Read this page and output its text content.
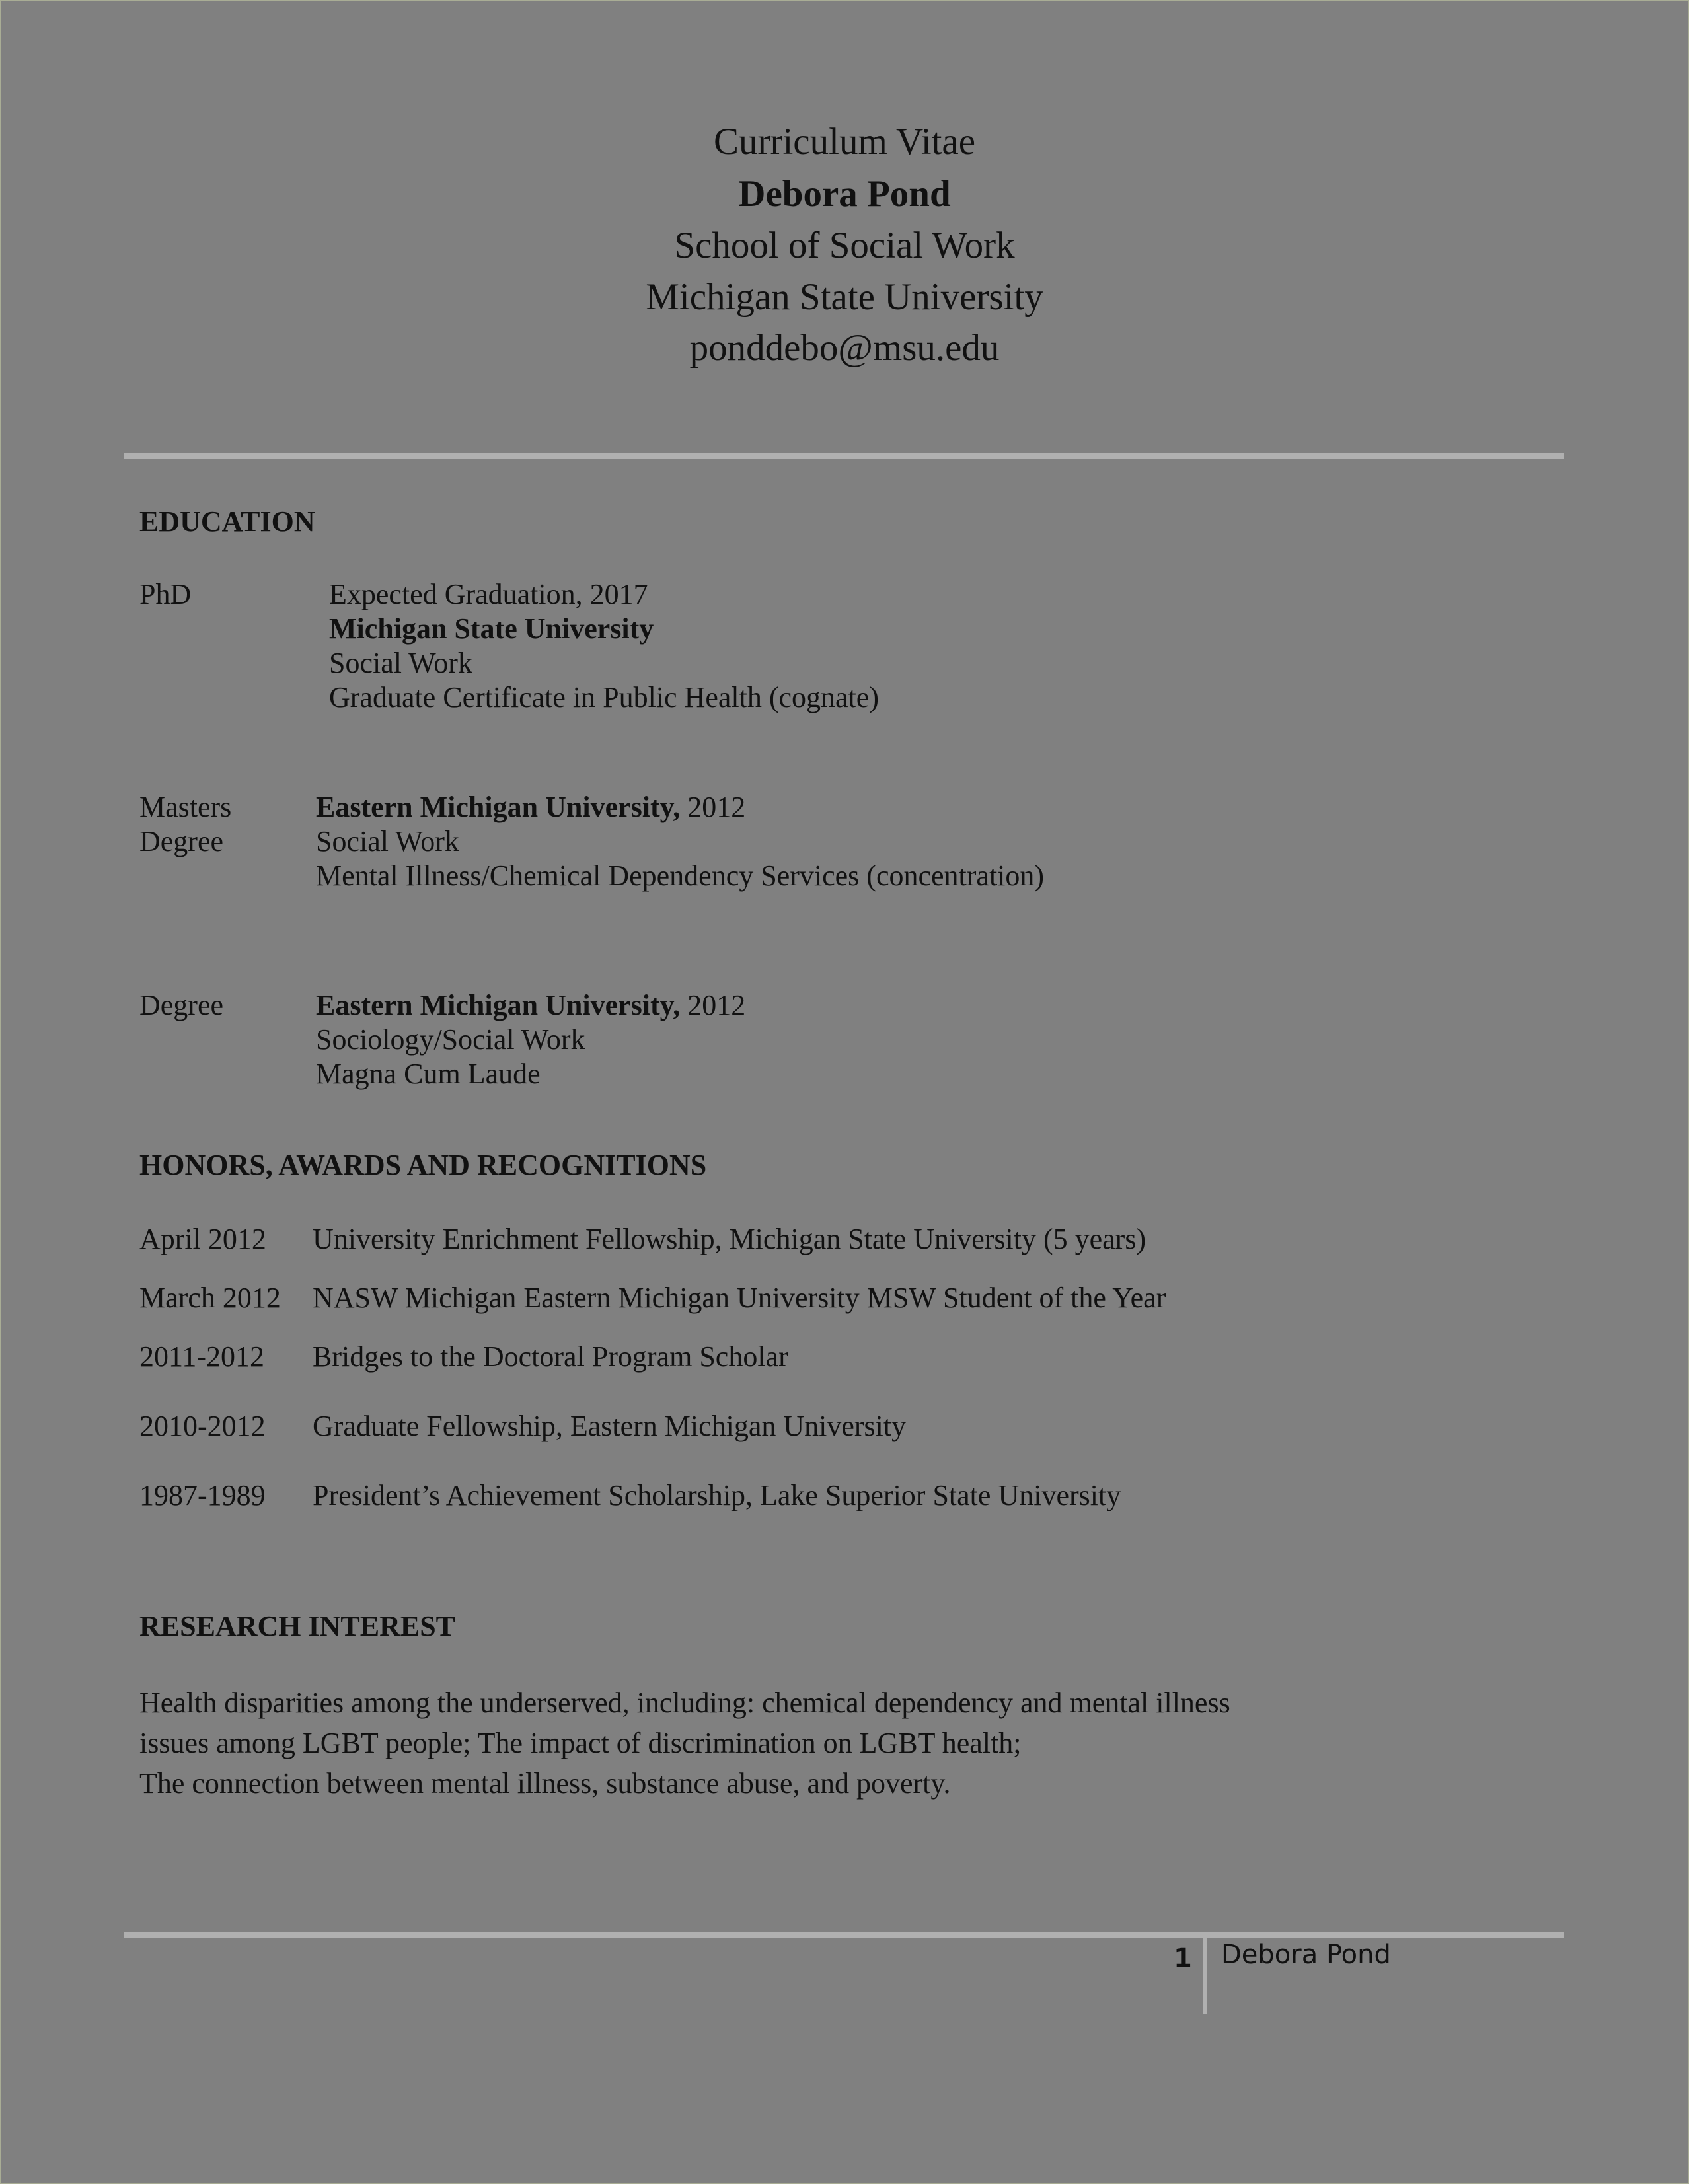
Curriculum Vitae
Debora Pond
School of Social Work
Michigan State University
ponddebo@msu.edu
EDUCATION
PhD	Expected Graduation, 2017
Michigan State University
Social Work
Graduate Certificate in Public Health (cognate)
Masters
Degree
Eastern Michigan University, 2012
Social Work
Mental Illness/Chemical Dependency Services (concentration)
Degree	Eastern Michigan University, 2012
Sociology/Social Work
Magna Cum Laude
HONORS, AWARDS AND RECOGNITIONS
April 2012 University Enrichment Fellowship, Michigan State University (5 years)
March 2012 NASW Michigan Eastern Michigan University MSW Student of the Year
2011-2012 Bridges to the Doctoral Program Scholar
2010-2012 Graduate Fellowship, Eastern Michigan University
1987-1989 President’s Achievement Scholarship, Lake Superior State University
RESEARCH INTEREST
Health disparities among the underserved, including: chemical dependency and mental illness
issues among LGBT people; The impact of discrimination on LGBT health;
The connection between mental illness, substance abuse, and poverty.
1 Debora Pond
